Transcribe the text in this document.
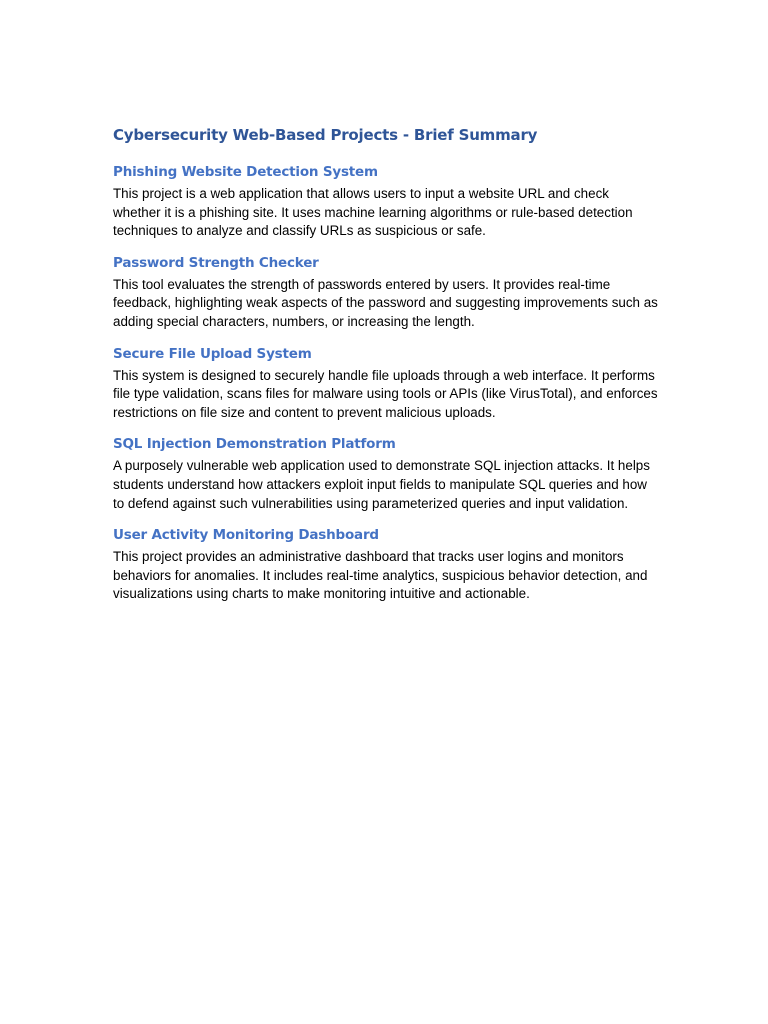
Cybersecurity Web-Based Projects - Brief Summary
Phishing Website Detection System

This project is a web application that allows users to input a website URL and check whether it is a phishing site. It uses machine learning algorithms or rule-based detection techniques to analyze and classify URLs as suspicious or safe.

Password Strength Checker

This tool evaluates the strength of passwords entered by users. It provides real-time feedback, highlighting weak aspects of the password and suggesting improvements such as adding special characters, numbers, or increasing the length.

Secure File Upload System

This system is designed to securely handle file uploads through a web interface. It performs file type validation, scans files for malware using tools or APIs (like VirusTotal), and enforces restrictions on file size and content to prevent malicious uploads.

SQL Injection Demonstration Platform

A purposely vulnerable web application used to demonstrate SQL injection attacks. It helps students understand how attackers exploit input fields to manipulate SQL queries and how to defend against such vulnerabilities using parameterized queries and input validation.

User Activity Monitoring Dashboard

This project provides an administrative dashboard that tracks user logins and monitors behaviors for anomalies. It includes real-time analytics, suspicious behavior detection, and visualizations using charts to make monitoring intuitive and actionable.
